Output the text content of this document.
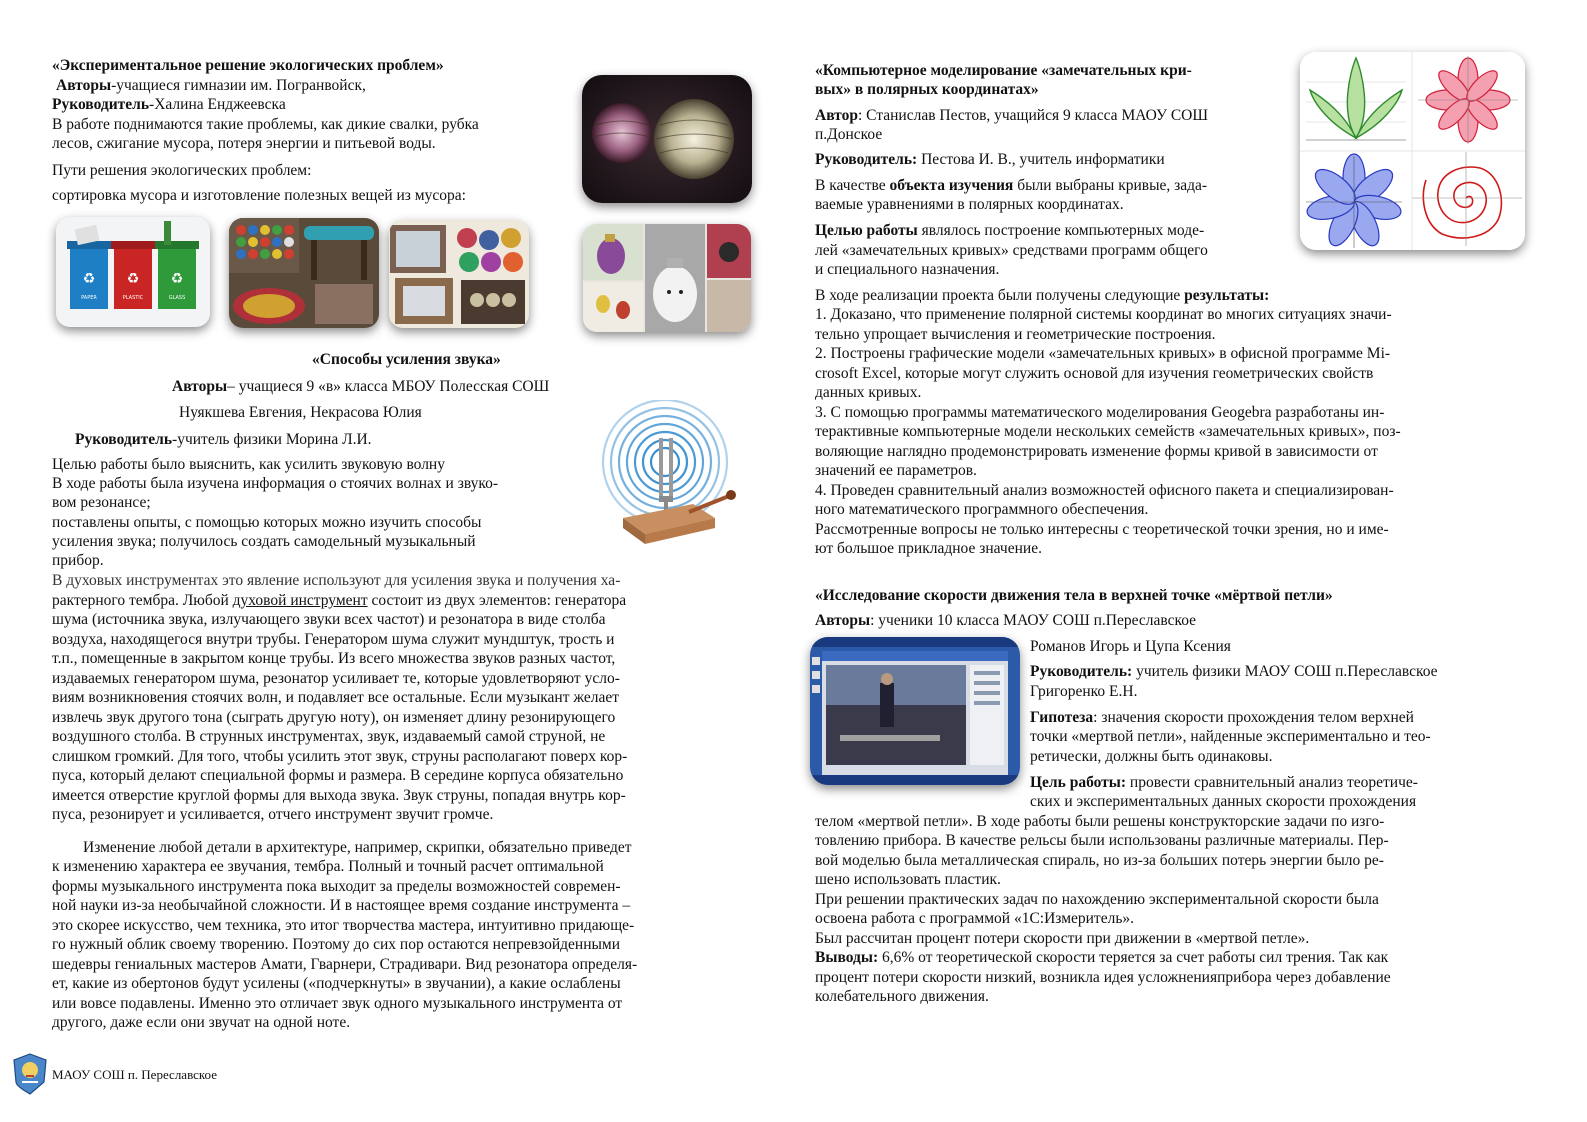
«Экспериментальное решение экологических проблем»
Авторы-учащиеся гимназии им. Погранвойск,
Руководитель-Халина Енджеевска
В работе поднимаются такие проблемы, как дикие свалки, рубка
лесов, сжигание мусора, потеря энергии и питьевой воды.
Пути решения экологических проблем:
сортировка мусора и изготовление полезных вещей из мусора:
♻ ♻ ♻
PAPER	PLASTIC	GLASS
«Способы усиления звука»
Авторы– учащиеся 9 «в» класса МБОУ Полесская СОШ
Нуякшева Евгения, Некрасова Юлия
Руководитель-учитель физики Морина Л.И.
Целью работы было выяснить, как усилить звуковую волну
В ходе работы была изучена информация о стоячих волнах и звуко-
вом резонансе;
поставлены опыты, с помощью которых можно изучить способы
усиления звука; получилось создать самодельный музыкальный
прибор.
В духовых инструментах это явление используют для усиления звука и получения ха-
рактерного тембра. Любой духовой инструмент состоит из двух элементов: генератора
шума (источника звука, излучающего звуки всех частот) и резонатора в виде столба
воздуха, находящегося внутри трубы. Генератором шума служит мундштук, трость и
т.п., помещенные в закрытом конце трубы. Из всего множества звуков разных частот,
издаваемых генератором шума, резонатор усиливает те, которые удовлетворяют усло-
виям возникновения стоячих волн, и подавляет все остальные. Если музыкант желает
извлечь звук другого тона (сыграть другую ноту), он изменяет длину резонирующего
воздушного столба. В струнных инструментах, звук, издаваемый самой струной, не
слишком громкий. Для того, чтобы усилить этот звук, струны располагают поверх кор-
пуса, который делают специальной формы и размера. В середине корпуса обязательно
имеется отверстие круглой формы для выхода звука. Звук струны, попадая внутрь кор-
пуса, резонирует и усиливается, отчего инструмент звучит громче.
Изменение любой детали в архитектуре, например, скрипки, обязательно приведет
к изменению характера ее звучания, тембра. Полный и точный расчет оптимальной
формы музыкального инструмента пока выходит за пределы возможностей современ-
ной науки из-за необычайной сложности. И в настоящее время создание инструмента –
это скорее искусство, чем техника, это итог творчества мастера, интуитивно придающе-
го нужный облик своему творению. Поэтому до сих пор остаются непревзойденными
шедевры гениальных мастеров Амати, Гварнери, Страдивари. Вид резонатора определя-
ет, какие из обертонов будут усилены («подчеркнуты» в звучании), а какие ослаблены
или вовсе подавлены. Именно это отличает звук одного музыкального инструмента от
другого, даже если они звучат на одной ноте.
МАОУ СОШ п. Переславское
«Компьютерное моделирование «замечательных кри-
вых» в полярных координатах»
Автор: Станислав Пестов, учащийся 9 класса МАОУ СОШ
п.Донское
Руководитель: Пестова И. В., учитель информатики
В качестве объекта изучения были выбраны кривые, зада-
ваемые уравнениями в полярных координатах.
Целью работы являлось построение компьютерных моде-
лей «замечательных кривых» средствами программ общего
и специального назначения.
В ходе реализации проекта были получены следующие результаты:
1. Доказано, что применение полярной системы координат во многих ситуациях значи-
тельно упрощает вычисления и геометрические построения.
2. Построены графические модели «замечательных кривых» в офисной программе Mi-
crosoft Excel, которые могут служить основой для изучения геометрических свойств
данных кривых.
3. С помощью программы математического моделирования Geogebra разработаны ин-
терактивные компьютерные модели нескольких семейств «замечательных кривых», поз-
воляющие наглядно продемонстрировать изменение формы кривой в зависимости от
значений ее параметров.
4. Проведен сравнительный анализ возможностей офисного пакета и специализирован-
ного математического программного обеспечения.
Рассмотренные вопросы не только интересны с теоретической точки зрения, но и име-
ют большое прикладное значение.
«Исследование скорости движения тела в верхней точке «мёртвой петли»
Авторы: ученики 10 класса МАОУ СОШ п.Переславское
Романов Игорь и Цупа Ксения
Руководитель: учитель физики МАОУ СОШ п.Переславское
Григоренко Е.Н.
Гипотеза: значения скорости прохождения телом верхней
точки «мертвой петли», найденные экспериментально и тео-
ретически, должны быть одинаковы.
Цель работы: провести сравнительный анализ теоретиче-
ских и экспериментальных данных скорости прохождения
телом «мертвой петли». В ходе работы были решены конструкторские задачи по изго-
товлению прибора. В качестве рельсы были использованы различные материалы. Пер-
вой моделью была металлическая спираль, но из-за больших потерь энергии было ре-
шено использовать пластик.
При решении практических задач по нахождению экспериментальной скорости была
освоена работа с программой «1С:Измеритель».
Был рассчитан процент потери скорости при движении в «мертвой петле».
Выводы: 6,6% от теоретической скорости теряется за счет работы сил трения. Так как
процент потери скорости низкий, возникла идея усложненияприбора через добавление
колебательного движения.
